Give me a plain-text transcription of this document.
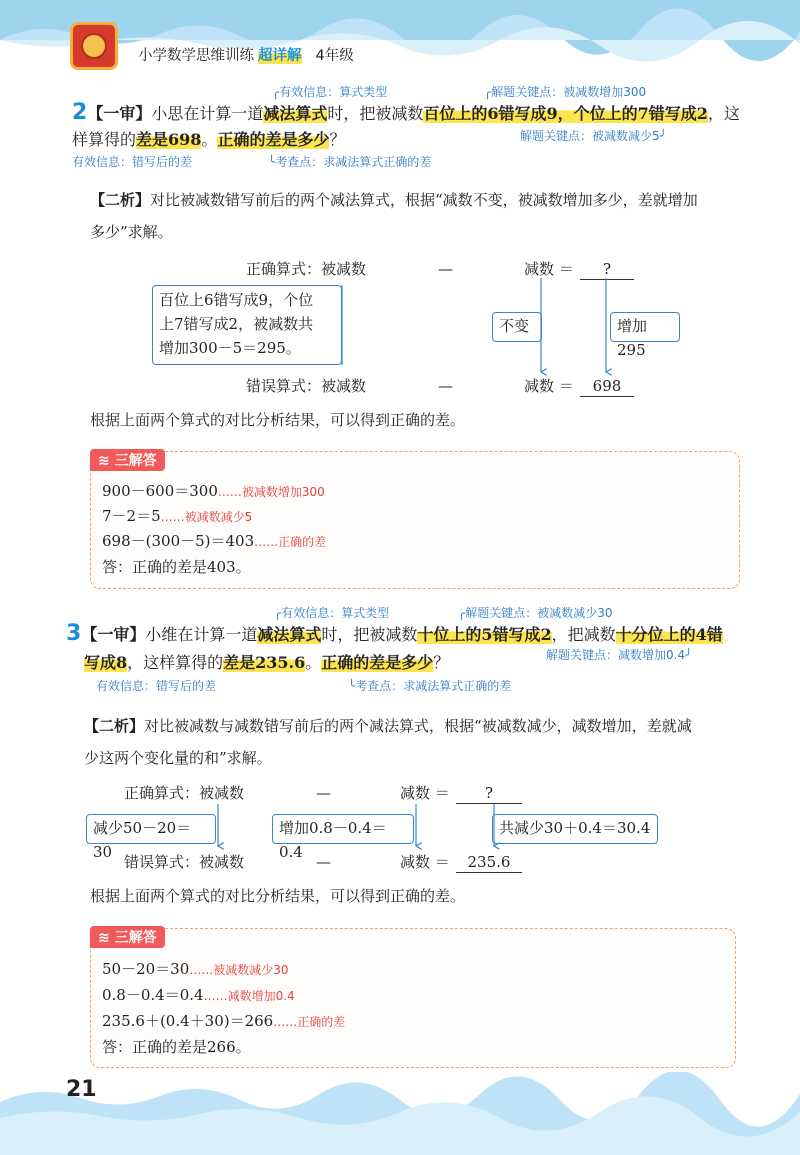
小学数学思维训练 超详解 4年级
╭有效信息：算式类型	╭解题关键点：被减数增加300
2【一审】小思在计算一道减法算式时，把被减数百位上的6错写成9，个位上的7错写成2，这
样算得的差是698。正确的差是多少？	解题关键点：被减数减少5╯
有效信息：错写后的差	╰考查点：求减法算式正确的差
【二析】对比被减数错写前后的两个减法算式，根据“减数不变，被减数增加多少，差就增加
多少”求解。
正确算式：被减数	—	减数 ＝	?
百位上6错写成9，个位
上7错写成2，被减数共
增加300－5＝295。
不变	增加295
错误算式：被减数	—	减数 ＝	698
根据上面两个算式的对比分析结果，可以得到正确的差。
≋ 三解答
900－600＝300……被减数增加300
7－2＝5……被减数减少5
698－(300－5)＝403……正确的差
答：正确的差是403。
╭有效信息：算式类型	╭解题关键点：被减数减少30
3【一审】小维在计算一道减法算式时，把被减数十位上的5错写成2，把减数十分位上的4错
写成8，这样算得的差是235.6。正确的差是多少？	解题关键点：减数增加0.4╯
有效信息：错写后的差	╰考查点：求减法算式正确的差
【二析】对比被减数与减数错写前后的两个减法算式，根据“被减数减少，减数增加，差就减
少这两个变化量的和”求解。
正确算式：被减数	—	减数 ＝	?
减少50－20＝30
增加0.8－0.4＝0.4
共减少30＋0.4＝30.4
错误算式：被减数	—	减数 ＝	235.6
根据上面两个算式的对比分析结果，可以得到正确的差。
≋ 三解答
50－20＝30……被减数减少30
0.8－0.4＝0.4……减数增加0.4
235.6＋(0.4＋30)＝266……正确的差
答：正确的差是266。
21
